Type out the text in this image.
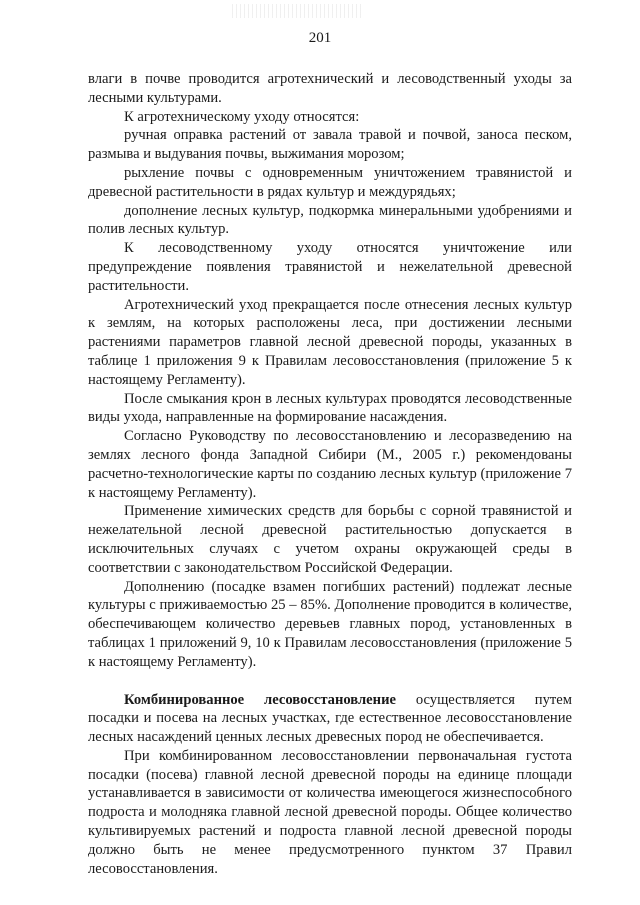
201

влаги в почве проводится агротехнический и лесоводственный уходы за лесными культурами.

К агротехническому уходу относятся:

ручная оправка растений от завала травой и почвой, заноса песком, размыва и выдувания почвы, выжимания морозом;

рыхление почвы с одновременным уничтожением травянистой и древесной растительности в рядах культур и междурядьях;

дополнение лесных культур, подкормка минеральными удобрениями и полив лесных культур.

К лесоводственному уходу относятся уничтожение или предупреждение появления травянистой и нежелательной древесной растительности.

Агротехнический уход прекращается после отнесения лесных культур к землям, на которых расположены леса, при достижении лесными растениями параметров главной лесной древесной породы, указанных в таблице 1 приложения 9 к Правилам лесовосстановления (приложение 5 к настоящему Регламенту).

После смыкания крон в лесных культурах проводятся лесоводственные виды ухода, направленные на формирование насаждения.

Согласно Руководству по лесовосстановлению и лесоразведению на землях лесного фонда Западной Сибири (М., 2005 г.) рекомендованы расчетно-технологические карты по созданию лесных культур (приложение 7 к настоящему Регламенту).

Применение химических средств для борьбы с сорной травянистой и нежелательной лесной древесной растительностью допускается в исключительных случаях с учетом охраны окружающей среды в соответствии с законодательством Российской Федерации.

Дополнению (посадке взамен погибших растений) подлежат лесные культуры с приживаемостью 25 – 85%. Дополнение проводится в количестве, обеспечивающем количество деревьев главных пород, установленных в таблицах 1 приложений 9, 10 к Правилам лесовосстановления (приложение 5 к настоящему Регламенту).

Комбинированное лесовосстановление осуществляется путем посадки и посева на лесных участках, где естественное лесовосстановление лесных насаждений ценных лесных древесных пород не обеспечивается.

При комбинированном лесовосстановлении первоначальная густота посадки (посева) главной лесной древесной породы на единице площади устанавливается в зависимости от количества имеющегося жизнеспособного подроста и молодняка главной лесной древесной породы. Общее количество культивируемых растений и подроста главной лесной древесной породы должно быть не менее предусмотренного пунктом 37 Правил лесовосстановления.
